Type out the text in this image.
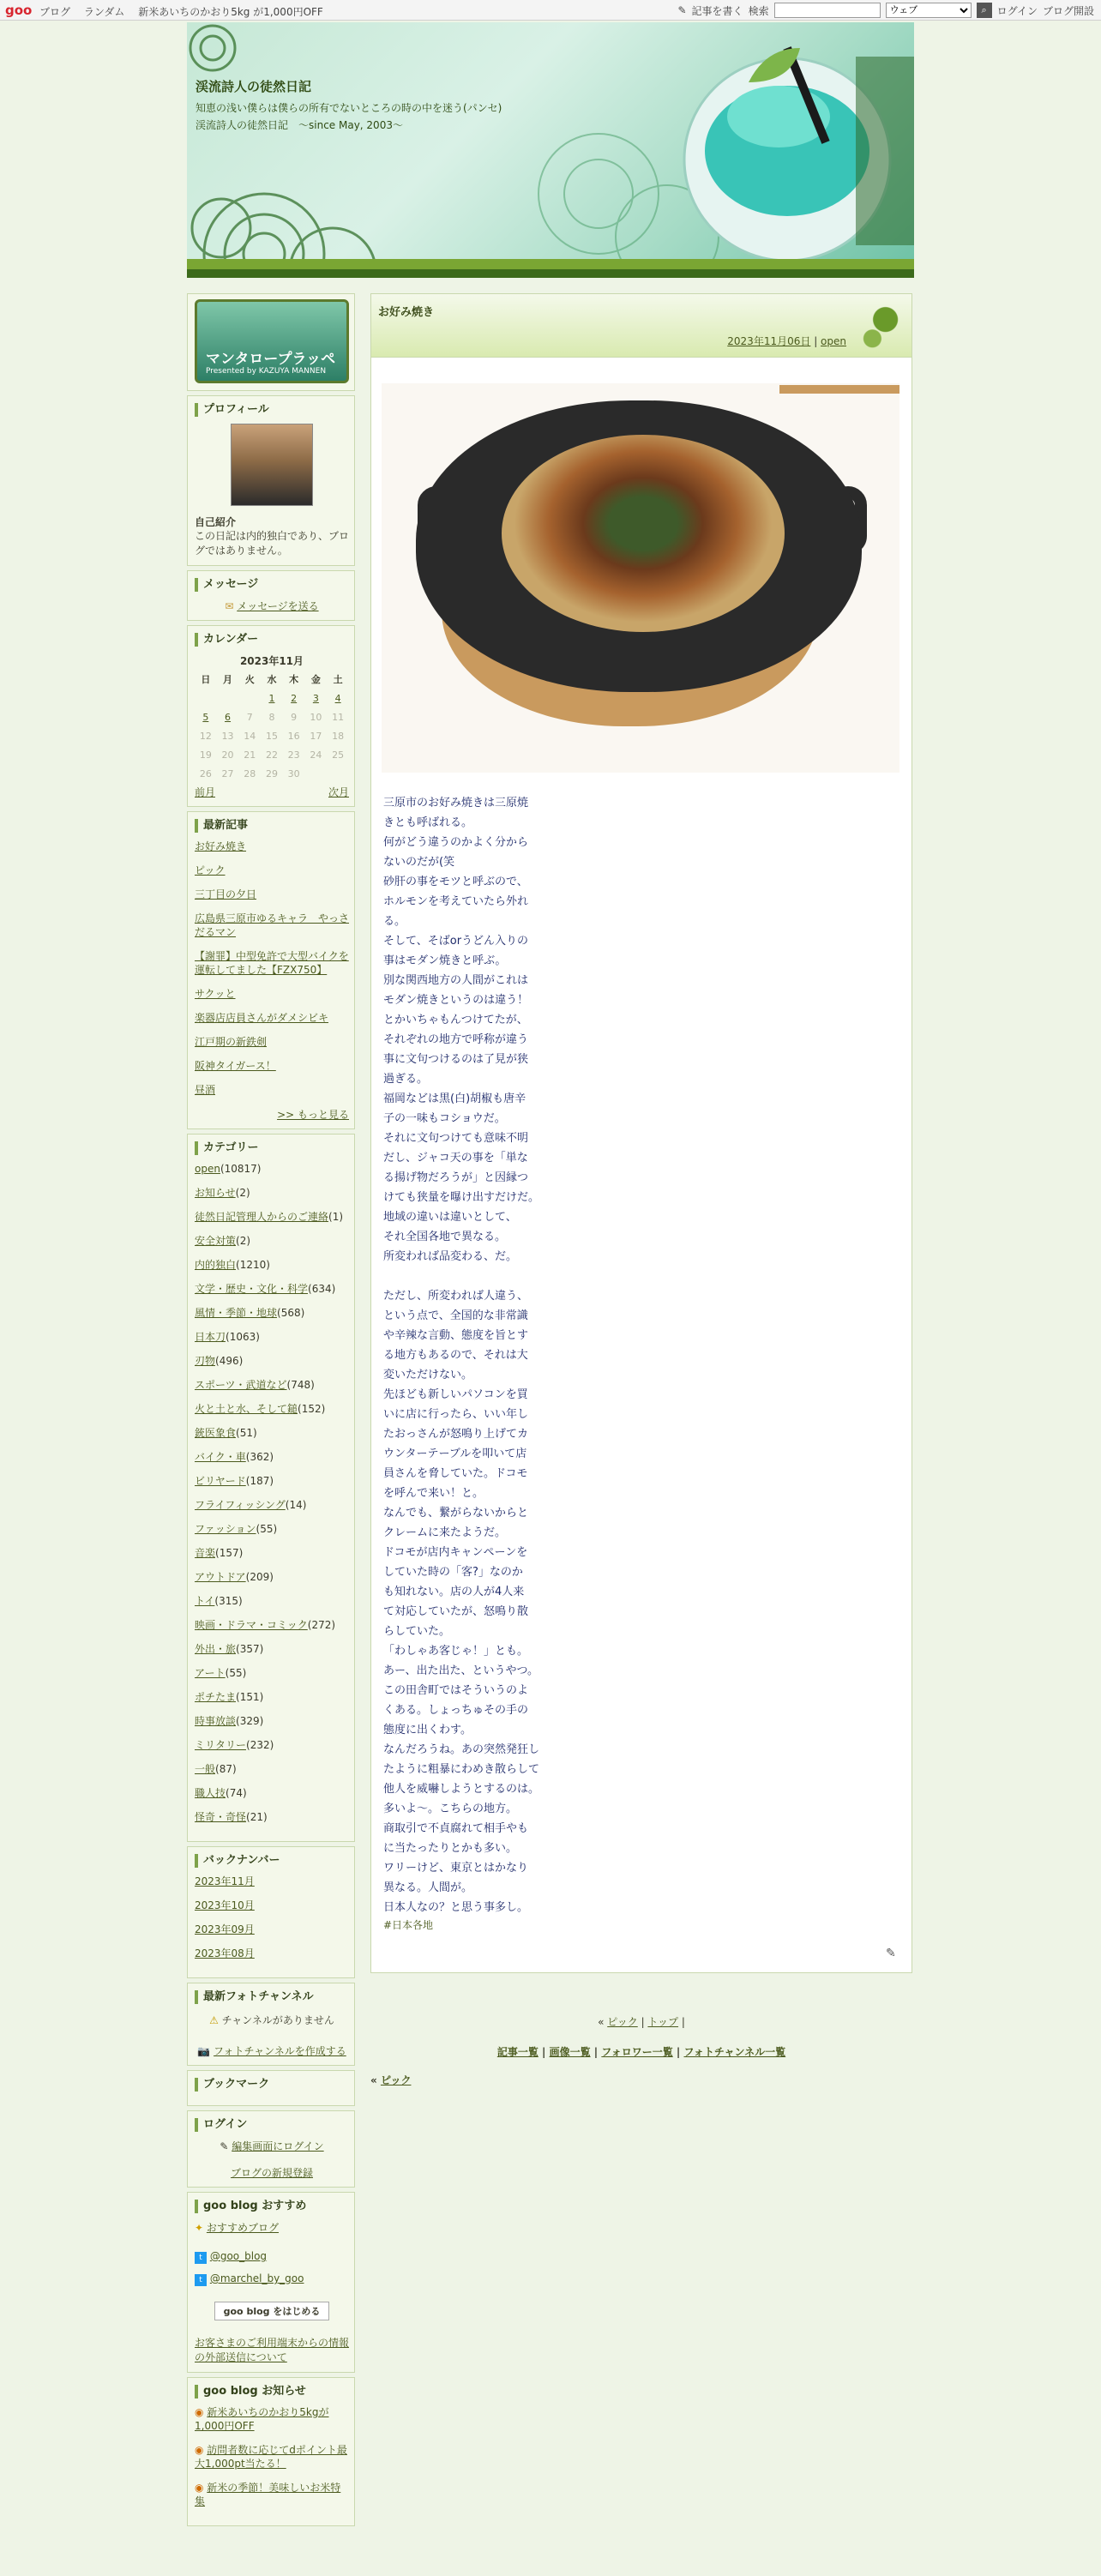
goo ブログ ランダム 新米あいちのかおり5kg が1,000円OFF	✎ 記事を書く 検索
ウェブ	⌕ ログイン ブログ開設
渓流詩人の徒然日記
知恵の浅い僕らは僕らの所有でないところの時の中を迷う(パンセ)　渓流詩人の徒然日記　～since May, 2003～
マンタロープラッペ
Presented by KAZUYA MANNEN
プロフィール
自己紹介
この日記は内的独白であり、ブログではありません。
メッセージ
✉ メッセージを送る
カレンダー
2023年11月
日	月	火	水	木	金	土
			1	2	3	4
5	6	7	8	9	10	11
12	13	14	15	16	17	18
19	20	21	22	23	24	25
26	27	28	29	30		
前月	次月
最新記事
お好み焼き
ピック
三丁目の夕日
広島県三原市ゆるキャラ　やっさだるマン
【謝罪】中型免許で大型バイクを運転してました【FZX750】
サクッと
楽器店店員さんがダメシビキ
江戸期の新鉄剣
阪神タイガース！
昼酒
>> もっと見る
カテゴリー
open(10817)
お知らせ(2)
徒然日記管理人からのご連絡(1)
安全対策(2)
内的独白(1210)
文学・歴史・文化・科学(634)
風情・季節・地球(568)
日本刀(1063)
刃物(496)
スポーツ・武道など(748)
火と土と水、そして鎚(152)
銃医象食(51)
バイク・車(362)
ビリヤード(187)
フライフィッシング(14)
ファッション(55)
音楽(157)
アウトドア(209)
トイ(315)
映画・ドラマ・コミック(272)
外出・旅(357)
アート(55)
ポチたま(151)
時事放談(329)
ミリタリー(232)
一般(87)
職人技(74)
怪奇・奇怪(21)
バックナンバー
2023年11月
2023年10月
2023年09月
2023年08月
最新フォトチャンネル
⚠ チャンネルがありません
📷 フォトチャンネルを作成する
ブックマーク
ログイン
✎ 編集画面にログイン
ブログの新規登録
goo blog おすすめ
✦ おすすめブログ
t @goo_blog
t @marchel_by_goo
goo blog をはじめる
お客さまのご利用端末からの情報の外部送信について
goo blog お知らせ
◉ 新米あいちのかおり5kgが1,000円OFF
◉ 訪問者数に応じてdポイント最大1,000pt当たる！
◉ 新米の季節！美味しいお米特集
お好み焼き
2023年11月06日 | open

三原市のお好み焼きは三原焼

きとも呼ばれる。

何がどう違うのかよく分から

ないのだが(笑

砂肝の事をモツと呼ぶので、

ホルモンを考えていたら外れ

る。

そして、そばorうどん入りの

事はモダン焼きと呼ぶ。

別な関西地方の人間がこれは

モダン焼きというのは違う！

とかいちゃもんつけてたが、

それぞれの地方で呼称が違う

事に文句つけるのは了見が狭

過ぎる。

福岡などは黒(白)胡椒も唐辛

子の一味もコショウだ。

それに文句つけても意味不明

だし、ジャコ天の事を「単な

る揚げ物だろうが」と因縁つ

けても狭量を曝け出すだけだ。

地域の違いは違いとして、

それ全国各地で異なる。

所変われば品変わる、だ。

ただし、所変われば人違う、

という点で、全国的な非常識

や辛辣な言動、態度を旨とす

る地方もあるので、それは大

変いただけない。

先ほども新しいパソコンを買

いに店に行ったら、いい年し

たおっさんが怒鳴り上げてカ

ウンターテーブルを叩いて店

員さんを脅していた。ドコモ

を呼んで来い！と。

なんでも、繋がらないからと

クレームに来たようだ。

ドコモが店内キャンペーンを

していた時の「客?」なのか

も知れない。店の人が4人来

て対応していたが、怒鳴り散

らしていた。

「わしゃあ客じゃ！」とも。

あー、出た出た、というやつ。

この田舎町ではそういうのよ

くある。しょっちゅその手の

態度に出くわす。

なんだろうね。あの突然発狂し

たように粗暴にわめき散らして

他人を威嚇しようとするのは。

多いよ～。こちらの地方。

商取引で不貞腐れて相手やも

に当たったりとかも多い。

ワリーけど、東京とはかなり

異なる。人間が。

日本人なの？と思う事多し。

#日本各地
✎
« ピック | トップ |
記事一覧 | 画像一覧 | フォロワー一覧 | フォトチャンネル一覧
« ピック
